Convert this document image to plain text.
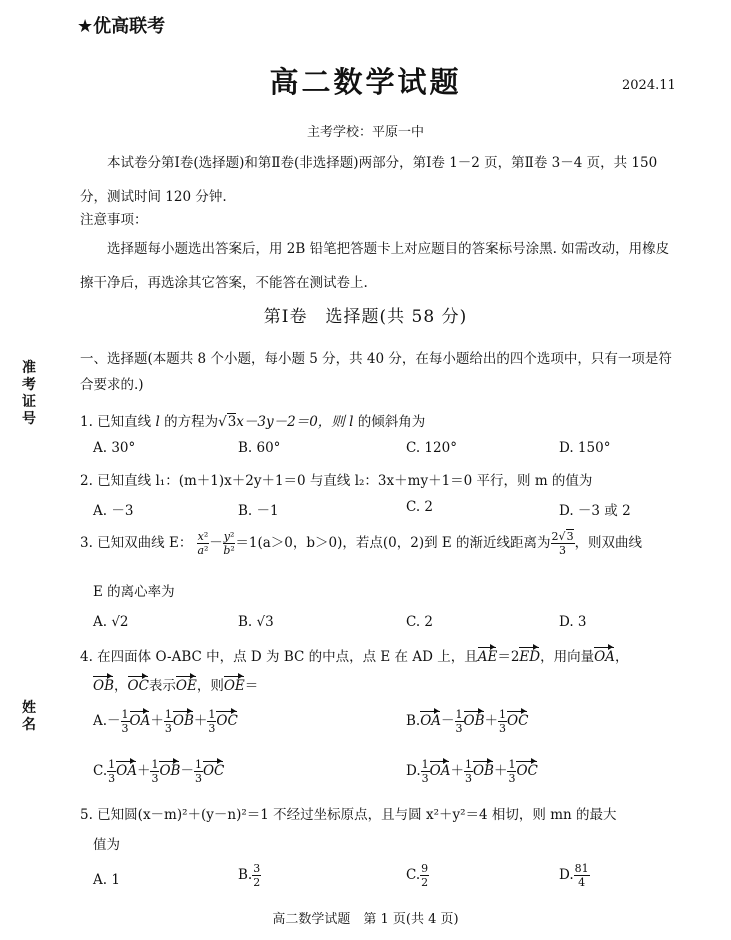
★优高联考
高二数学试题	2024.11
主考学校：平原一中
本试卷分第Ⅰ卷(选择题)和第Ⅱ卷(非选择题)两部分，第Ⅰ卷 1－2 页，第Ⅱ卷 3－4 页，共 150 分，测试时间 120 分钟.
注意事项：
选择题每小题选出答案后，用 2B 铅笔把答题卡上对应题目的答案标号涂黑. 如需改动，用橡皮擦干净后，再选涂其它答案，不能答在测试卷上.
第Ⅰ卷　选择题(共 58 分)
准考证号
姓名
一、选择题(本题共 8 个小题，每小题 5 分，共 40 分，在每小题给出的四个选项中，只有一项是符合要求的.)
1. 已知直线 l 的方程为√3x－3y－2＝0，则 l 的倾斜角为
A. 30°	B. 60°	C. 120°	D. 150°
2. 已知直线 l₁：(m＋1)x＋2y＋1＝0 与直线 l₂：3x＋my＋1＝0 平行，则 m 的值为
A. －3	B. －1	C. 2	D. －3 或 2
3. 已知双曲线 E： $\frac{\text{x²}}{\text{a²}} - \frac{\text{y²}}{\text{b²}} =1(a>0$，b＞0)，若点(0，2)到 E 的渐近线距离为 $\frac{2√3}{3}$ ，则双曲线
E 的离心率为
A. √2	B. √3	C. 2	D. 3
4. 在四面体 O-ABC 中，点 D 为 BC 的中点，点 E 在 AD 上，且AE＝2ED，用向量OA，
OB，OC表示OE，则OE＝
$A.- \frac{1}{3} OA+ \frac{1}{3} OB+ \frac{1}{3}$ OC	$B.OA- \frac{1}{3} OB+ \frac{1}{3}$ OC
C. $\frac{1}{3} OA+ \frac{1}{3} OB- \frac{1}{3}$ OC	D. $\frac{1}{3} OA+ \frac{1}{3} OB+ \frac{1}{3}$ OC
5. 已知圆(x－m)²＋(y－n)²＝1 不经过坐标原点，且与圆 x²＋y²＝4 相切，则 mn 的最大
值为
A. 1	B. $\frac{3}{2}$	C. $\frac{9}{2}$	D. $\frac{81}{4}$
高二数学试题　第 1 页(共 4 页)
